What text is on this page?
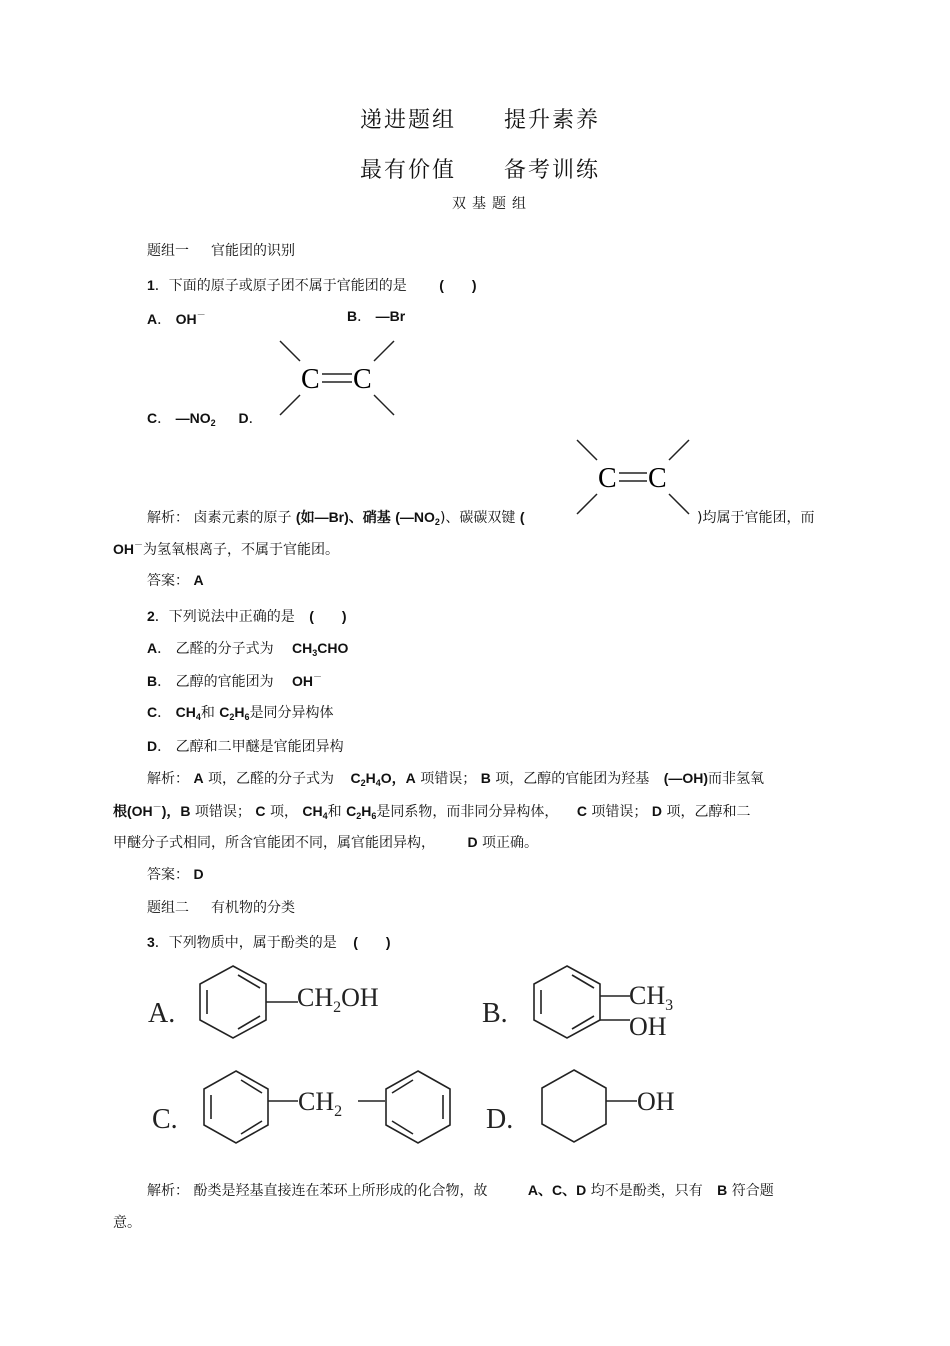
递进题组 提升素养
最有价值 备考训练
双基题组
题组一 官能团的识别
1．下面的原子或原子团不属于官能团的是 (　　)
A． OH－	B． —Br
C． $—NO_2$ D．
C C
C C
解析： 卤素元素的原子 (如—Br)、硝基 $(—NO_2)$、碳碳双键 (	)均属于官能团，而
OH－为氢氧根离子，不属于官能团。
答案： A
2．下列说法中正确的是 (　　)
A． 乙醛的分子式为 $CH_3CHO$
B． 乙醇的官能团为 OH－
C． $CH_4$和 $C_2H_6$是同分异构体
D． 乙醇和二甲醚是官能团异构
解析： A 项，乙醛的分子式为 $C_2H_4O$，A 项错误； B 项，乙醇的官能团为羟基 (—OH)而非氢氧
根(OH－)，B 项错误； C 项， $CH_4$和 $C_2H_6$是同系物，而非同分异构体， C 项错误； D 项，乙醇和二
甲醚分子式相同，所含官能团不同，属官能团异构， D 项正确。
答案： D
题组二 有机物的分类
3．下列物质中，属于酚类的是 (　　)
A.
$CH_2OH$
B.
$CH_3$
OH
C.
$CH_2$	D.
OH
解析： 酚类是羟基直接连在苯环上所形成的化合物，故	A、C、D 均不是酚类，只有 B 符合题
意。
